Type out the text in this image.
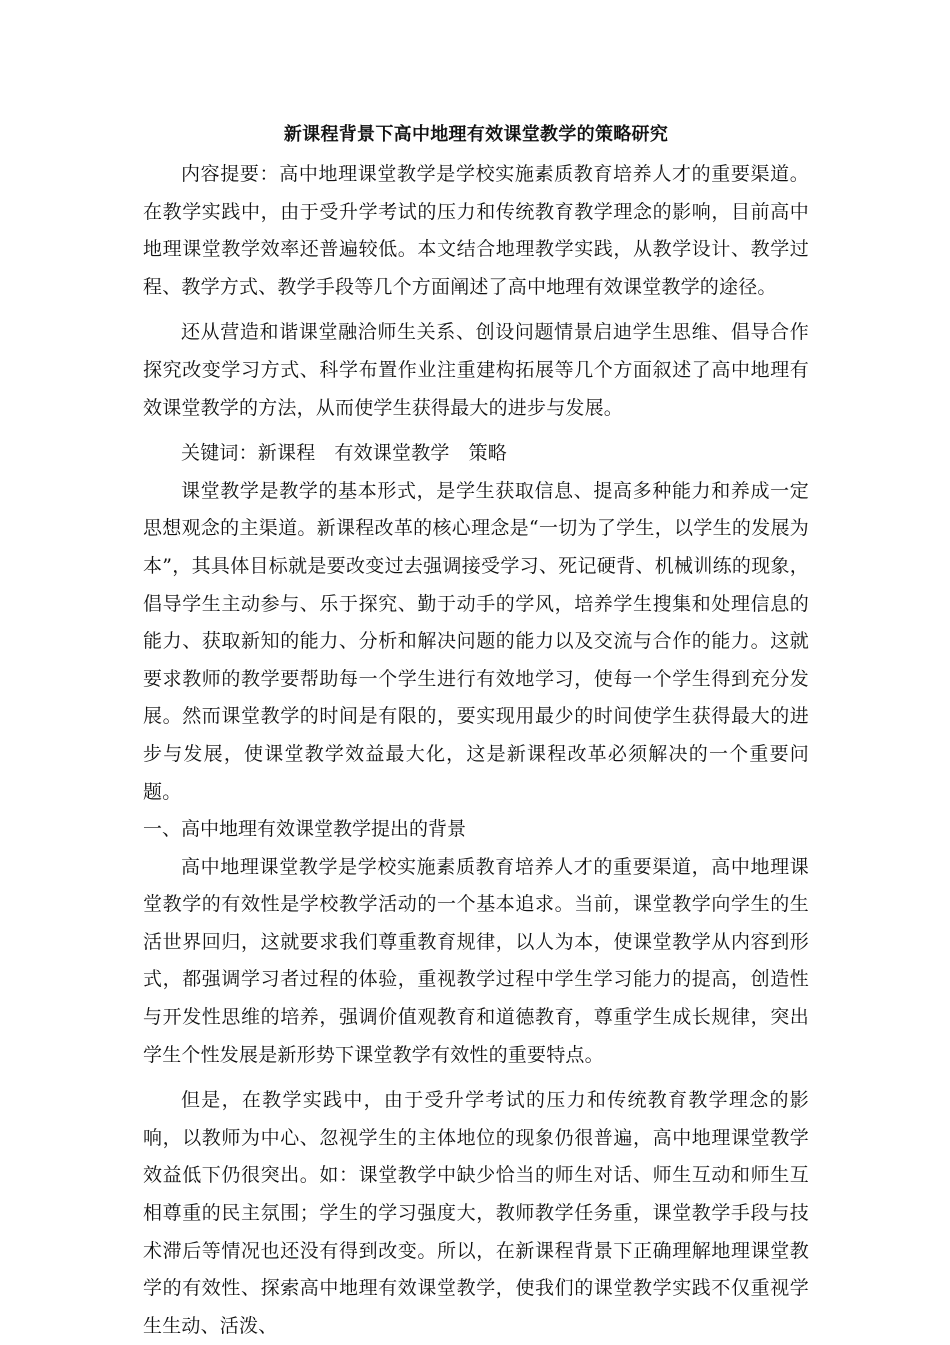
新课程背景下高中地理有效课堂教学的策略研究

内容提要：高中地理课堂教学是学校实施素质教育培养人才的重要渠道。在教学实践中，由于受升学考试的压力和传统教育教学理念的影响，目前高中地理课堂教学效率还普遍较低。本文结合地理教学实践，从教学设计、教学过程、教学方式、教学手段等几个方面阐述了高中地理有效课堂教学的途径。

还从营造和谐课堂融洽师生关系、创设问题情景启迪学生思维、倡导合作探究改变学习方式、科学布置作业注重建构拓展等几个方面叙述了高中地理有效课堂教学的方法，从而使学生获得最大的进步与发展。

关键词：新课程 有效课堂教学 策略

课堂教学是教学的基本形式，是学生获取信息、提高多种能力和养成一定思想观念的主渠道。新课程改革的核心理念是“一切为了学生，以学生的发展为本”，其具体目标就是要改变过去强调接受学习、死记硬背、机械训练的现象，倡导学生主动参与、乐于探究、勤于动手的学风，培养学生搜集和处理信息的能力、获取新知的能力、分析和解决问题的能力以及交流与合作的能力。这就要求教师的教学要帮助每一个学生进行有效地学习，使每一个学生得到充分发展。然而课堂教学的时间是有限的，要实现用最少的时间使学生获得最大的进步与发展，使课堂教学效益最大化，这是新课程改革必须解决的一个重要问题。

一、高中地理有效课堂教学提出的背景

高中地理课堂教学是学校实施素质教育培养人才的重要渠道，高中地理课堂教学的有效性是学校教学活动的一个基本追求。当前，课堂教学向学生的生活世界回归，这就要求我们尊重教育规律，以人为本，使课堂教学从内容到形式，都强调学习者过程的体验，重视教学过程中学生学习能力的提高，创造性与开发性思维的培养，强调价值观教育和道德教育，尊重学生成长规律，突出学生个性发展是新形势下课堂教学有效性的重要特点。

但是，在教学实践中，由于受升学考试的压力和传统教育教学理念的影响，以教师为中心、忽视学生的主体地位的现象仍很普遍，高中地理课堂教学效益低下仍很突出。如：课堂教学中缺少恰当的师生对话、师生互动和师生互相尊重的民主氛围；学生的学习强度大，教师教学任务重，课堂教学手段与技术滞后等情况也还没有得到改变。所以，在新课程背景下正确理解地理课堂教学的有效性、探索高中地理有效课堂教学，使我们的课堂教学实践不仅重视学生生动、活泼、
